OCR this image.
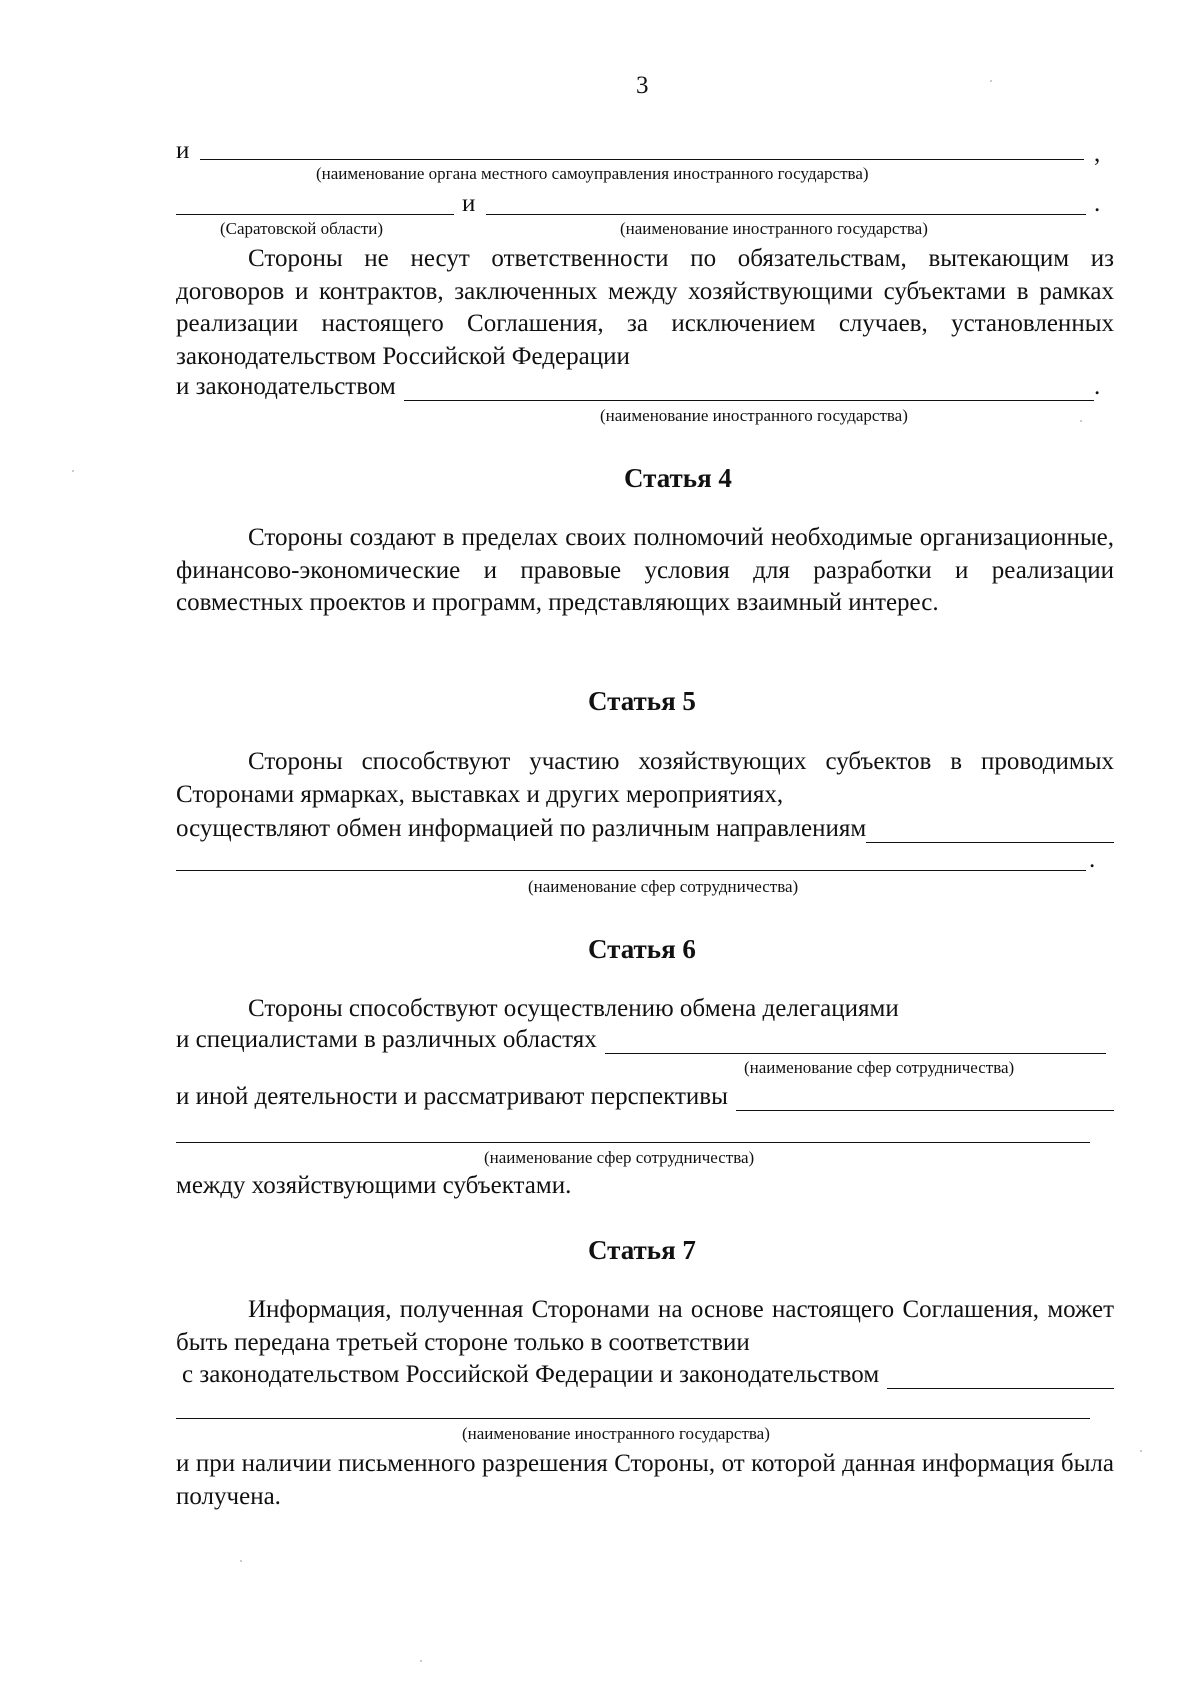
3
и	,
(наименование органа местного самоуправления иностранного государства)
и	.
(Саратовской области)	(наименование иностранного государства)

Стороны не несут ответственности по обязательствам, вытекающим из договоров и контрактов, заключенных между хозяйствующими субъектами в рамках реализации настоящего Соглашения, за исключением случаев, установленных законодательством Российской Федерации

и законодательством	.
(наименование иностранного государства)
Статья 4

Стороны создают в пределах своих полномочий необходимые организационные, финансово-экономические и правовые условия для разработки и реализации совместных проектов и программ, представляющих взаимный интерес.

Статья 5

Стороны способствуют участию хозяйствующих субъектов в проводимых Сторонами ярмарках, выставках и других мероприятиях,

осуществляют обмен информацией по различным направлениям
.
(наименование сфер сотрудничества)
Статья 6

Стороны способствуют осуществлению обмена делегациями

и специалистами в различных областях
(наименование сфер сотрудничества)
и иной деятельности и рассматривают перспективы
(наименование сфер сотрудничества)
между хозяйствующими субъектами.
Статья 7

Информация, полученная Сторонами на основе настоящего Соглашения, может быть передана третьей стороне только в соответствии

с законодательством Российской Федерации и законодательством
(наименование иностранного государства)

и при наличии письменного разрешения Стороны, от которой данная информация была получена.
